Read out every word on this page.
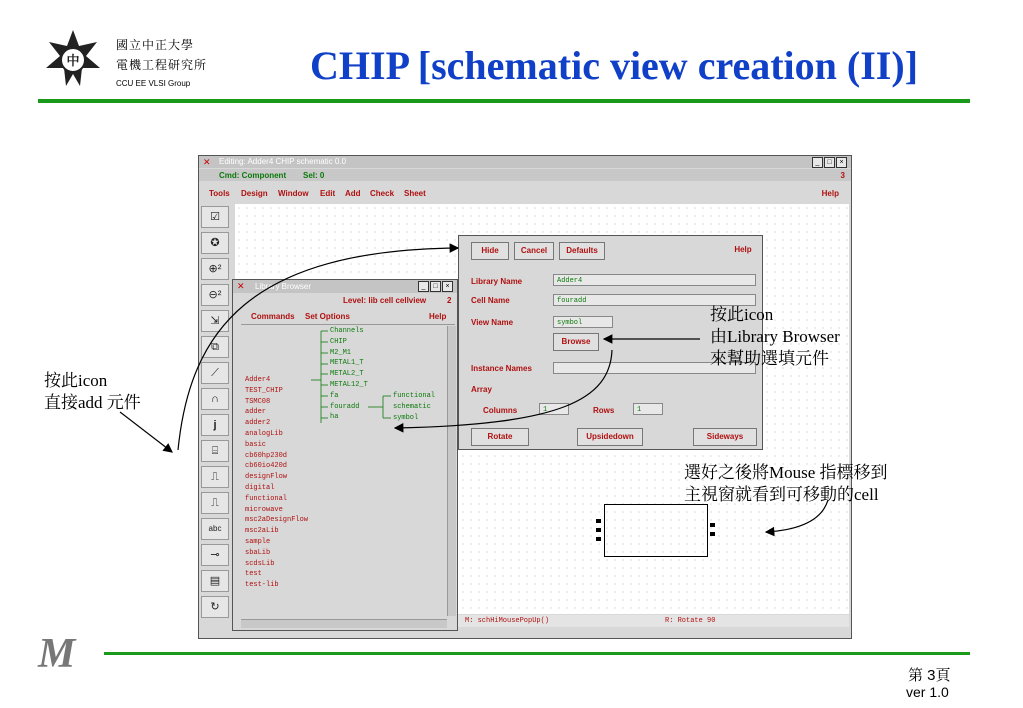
中
國立中正大學
電機工程研究所
CCU EE VLSI Group	CHIP [schematic view creation (II)]
✕ Editing: Adder4 CHIP schematic 0.0	_	□	×
Cmd: Component Sel: 0	3
Tools Design Window Edit Add Check Sheet	Help
☑
✪
⊕²
⊖²
⇲
⧉
⟋
∩
j
⌸
⎍
⎍
abc
⊸
▤
↻
M: schHiMousePopUp()	R: Rotate 90
✕ Library Browser	_	□	×
Level: lib cell cellview	2
Commands Set Options	Help
Adder4
TEST_CHIP
TSMC08
adder
adder2
analogLib
basic
cb60hp230d
cb60io420d
designFlow
digital
functional
microwave
msc2aDesignFlow
msc2aLib
sample
sbaLib
scdsLib
test
test-lib
Channels
CHIP
M2_M1
METAL1_T
METAL2_T
METAL12_T
fa
fouradd
ha
functional
schematic
symbol
Hide	Cancel	Defaults	Help
Library Name	Adder4
Cell Name	fouradd
View Name	symbol
Browse
Instance Names
Array
Columns	1	Rows	1
Rotate	Upsidedown	Sideways
按此icon
直接add 元件
按此icon
由Library Browser
來幫助選填元件
選好之後將Mouse 指標移到
主視窗就看到可移動的cell
M	第 3頁
ver 1.0
